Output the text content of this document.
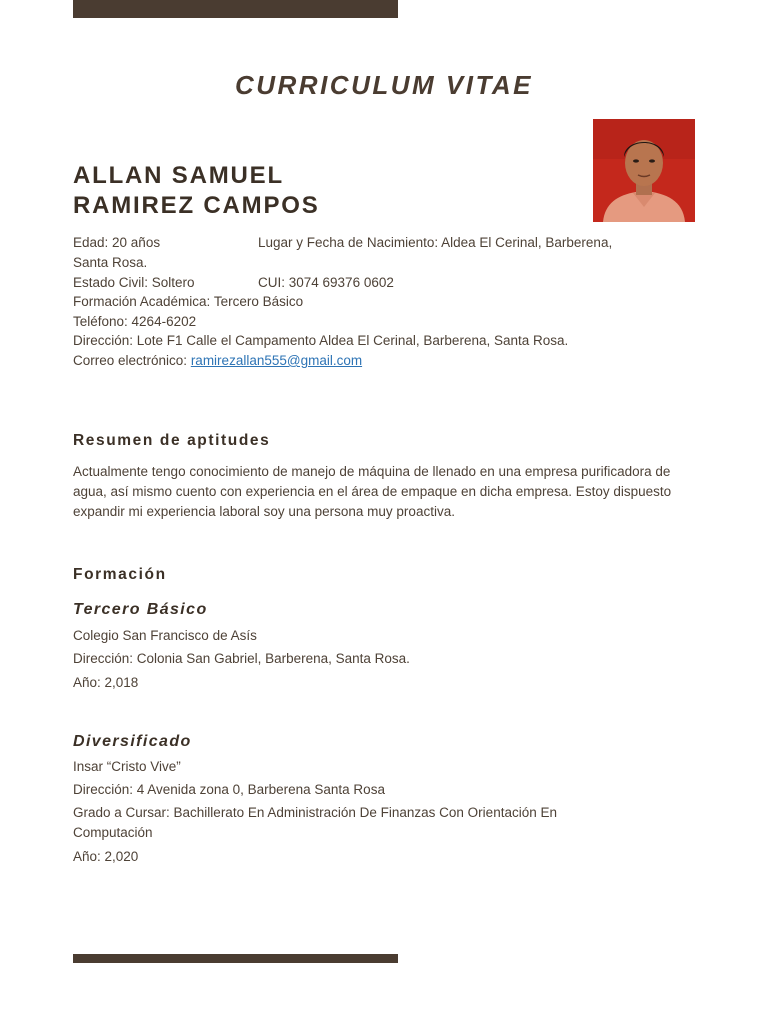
CURRICULUM VITAE
ALLAN SAMUEL
RAMIREZ CAMPOS
Edad: 20 años	Lugar y Fecha de Nacimiento: Aldea El Cerinal, Barberena,
Santa Rosa.
Estado Civil: Soltero	CUI: 3074 69376 0602
Formación Académica: Tercero Básico
Teléfono: 4264-6202
Dirección: Lote F1 Calle el Campamento Aldea El Cerinal, Barberena, Santa Rosa.
Correo electrónico: ramirezallan555@gmail.com
Resumen de aptitudes
Actualmente tengo conocimiento de manejo de máquina de llenado en una empresa purificadora de agua, así mismo cuento con experiencia en el área de empaque en dicha empresa. Estoy dispuesto expandir mi experiencia laboral soy una persona muy proactiva.
Formación
Tercero Básico
Colegio San Francisco de Asís
Dirección: Colonia San Gabriel, Barberena, Santa Rosa.
Año: 2,018
Diversificado
Insar “Cristo Vive”
Dirección: 4 Avenida zona 0, Barberena Santa Rosa
Grado a Cursar: Bachillerato En Administración De Finanzas Con Orientación En
Computación
Año: 2,020
